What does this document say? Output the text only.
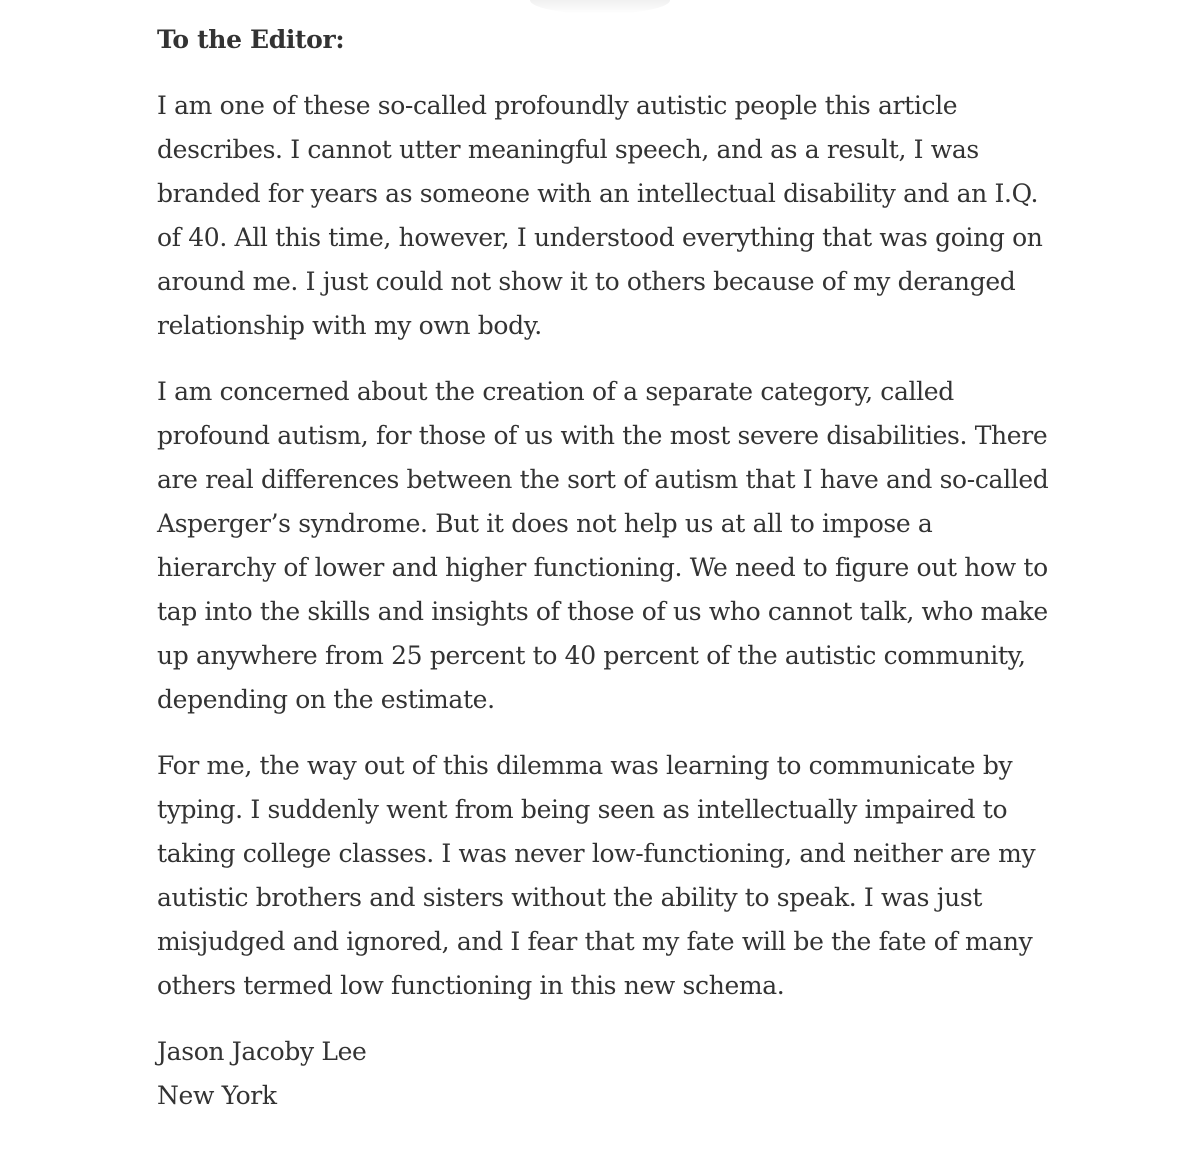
To the Editor:

I am one of these so-called profoundly autistic people this article describes. I cannot utter meaningful speech, and as a result, I was branded for years as someone with an intellectual disability and an I.Q. of 40. All this time, however, I understood everything that was going on around me. I just could not show it to others because of my deranged relationship with my own body.

I am concerned about the creation of a separate category, called profound autism, for those of us with the most severe disabilities. There are real differences between the sort of autism that I have and so-called Asperger’s syndrome. But it does not help us at all to impose a hierarchy of lower and higher functioning. We need to figure out how to tap into the skills and insights of those of us who cannot talk, who make up anywhere from 25 percent to 40 percent of the autistic community, depending on the estimate.

For me, the way out of this dilemma was learning to communicate by typing. I suddenly went from being seen as intellectually impaired to taking college classes. I was never low-functioning, and neither are my autistic brothers and sisters without the ability to speak. I was just misjudged and ignored, and I fear that my fate will be the fate of many others termed low functioning in this new schema.

Jason Jacoby Lee
New York
